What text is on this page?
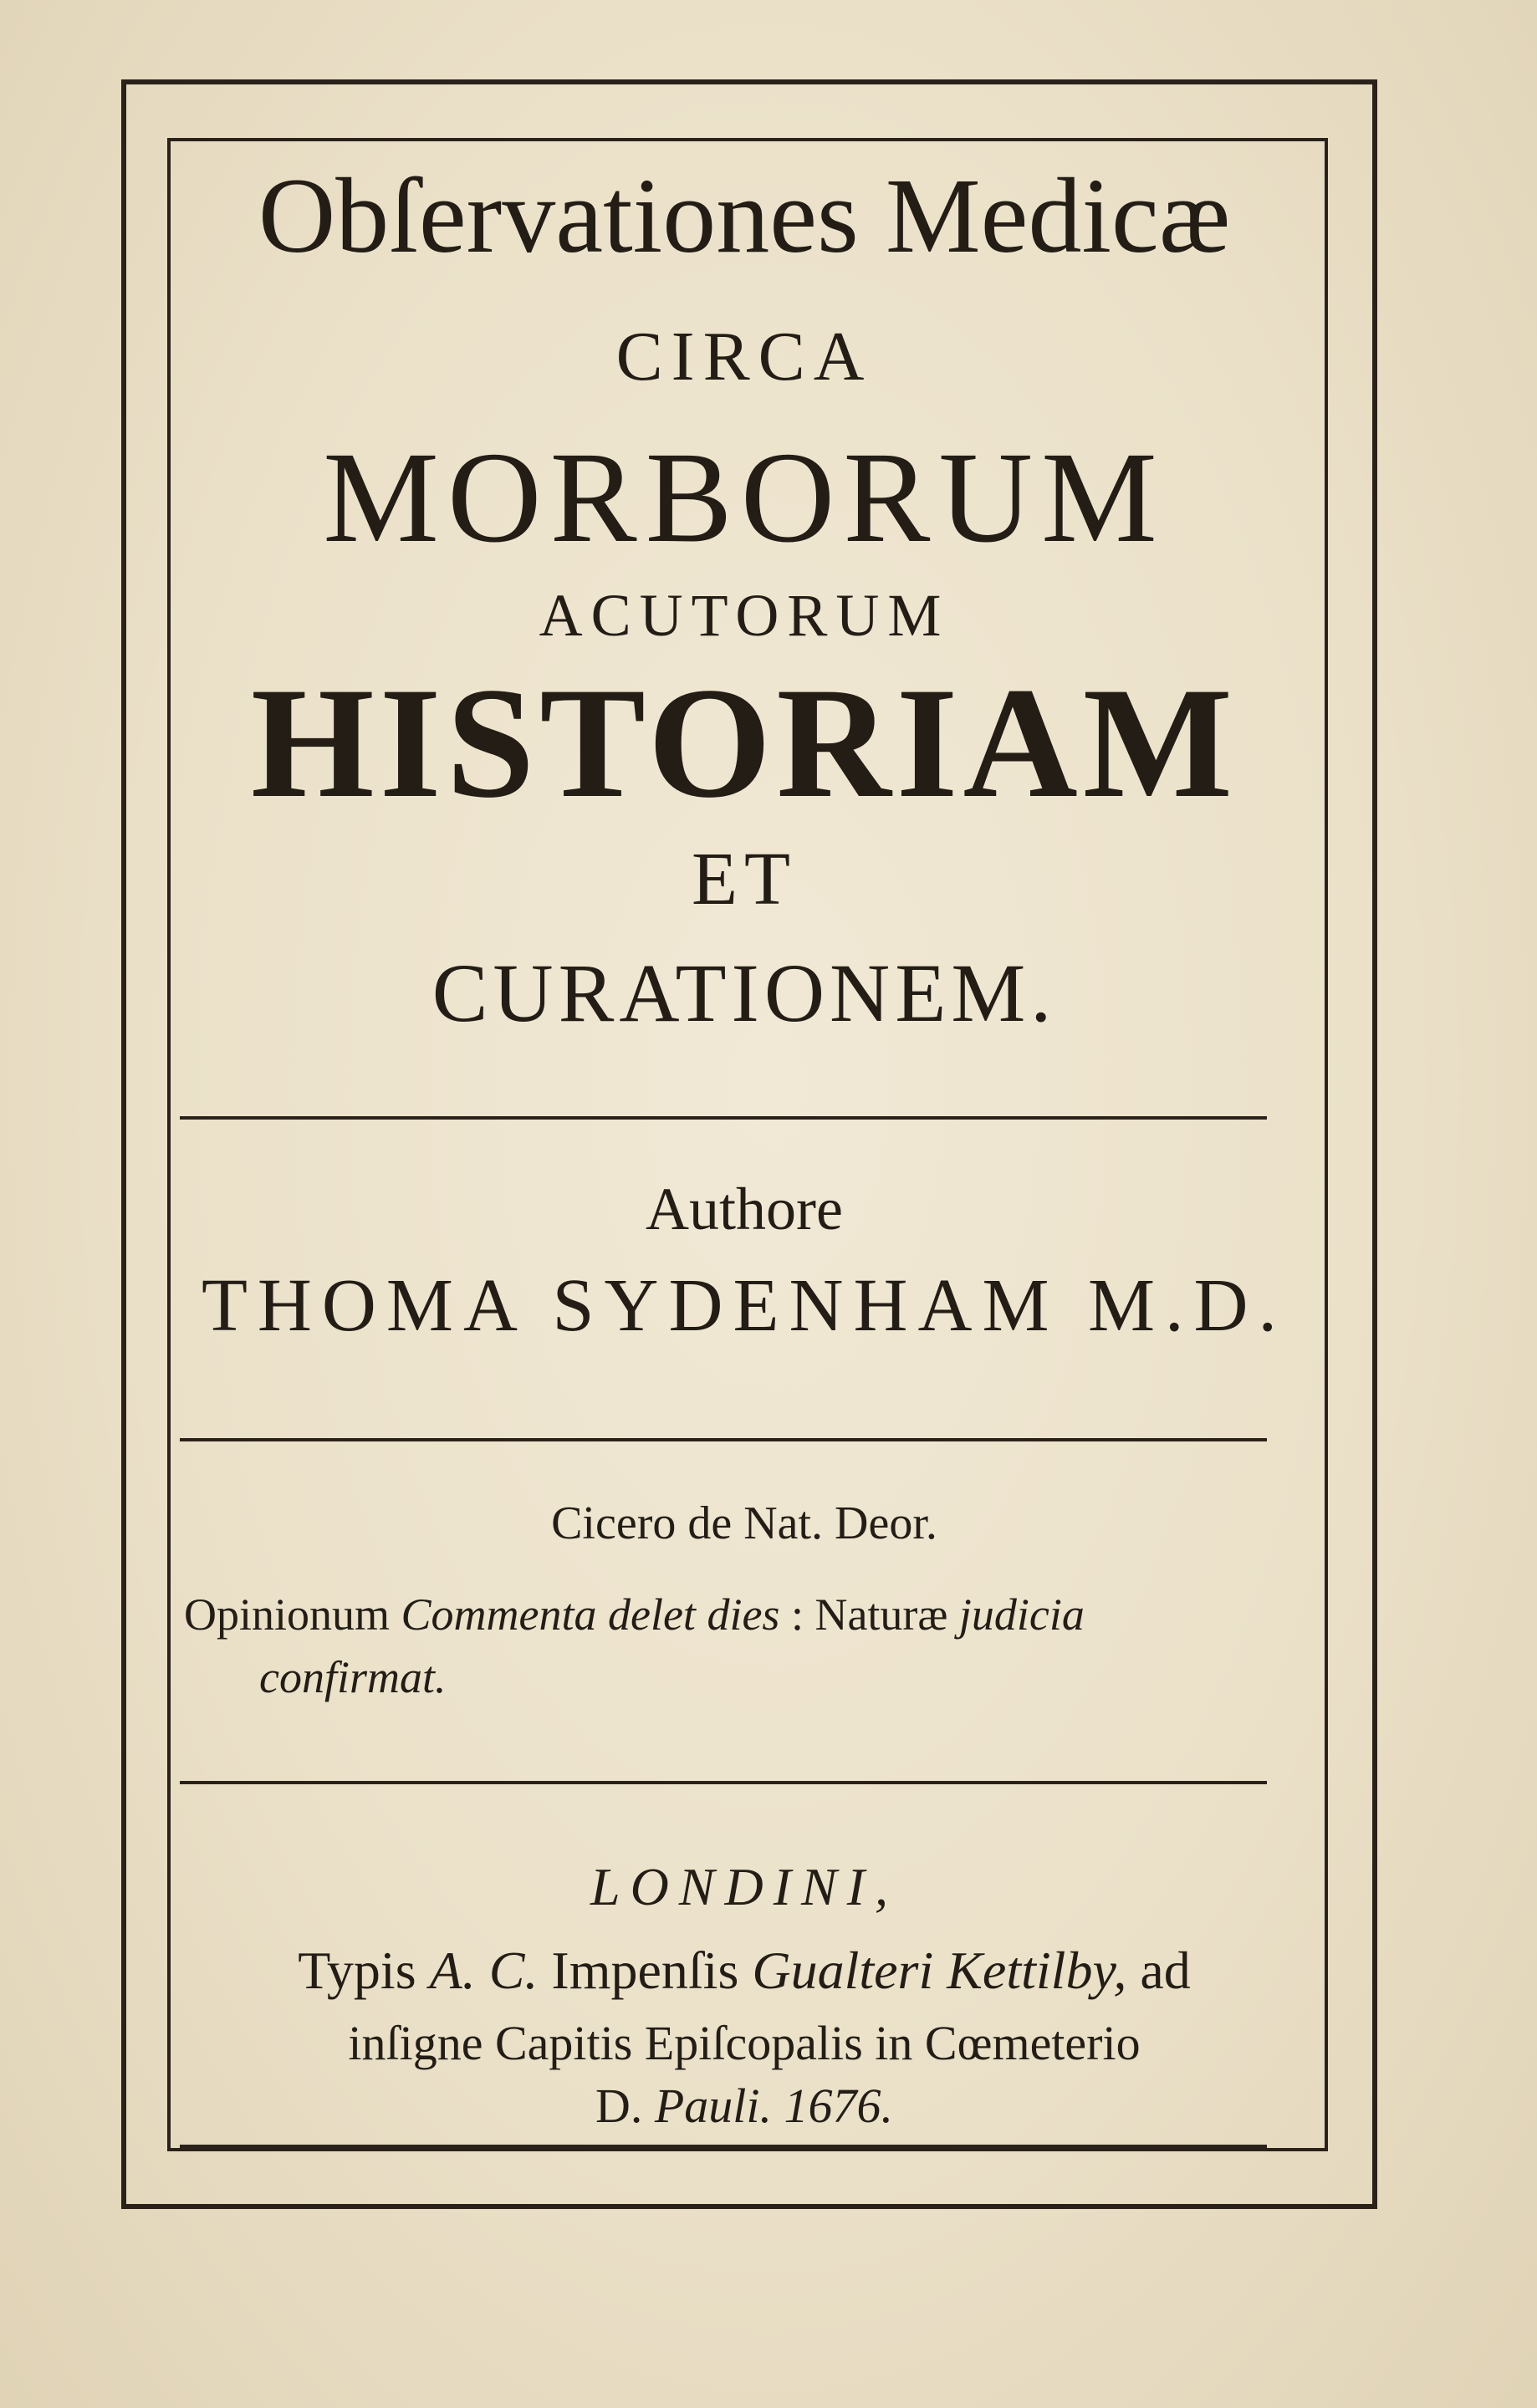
Obſervationes Medicæ
CIRCA
MORBORUM
ACUTORUM
HISTORIAM
ET
CURATIONEM.
Authore
THOMA SYDENHAM M.D.
Cicero de Nat. Deor.
Opinionum Commenta delet dies : Naturæ judicia
confirmat.
LONDINI,
Typis A. C. Impenſis Gualteri Kettilby, ad
inſigne Capitis Epiſcopalis in Cœmeterio
D. Pauli. 1676.
